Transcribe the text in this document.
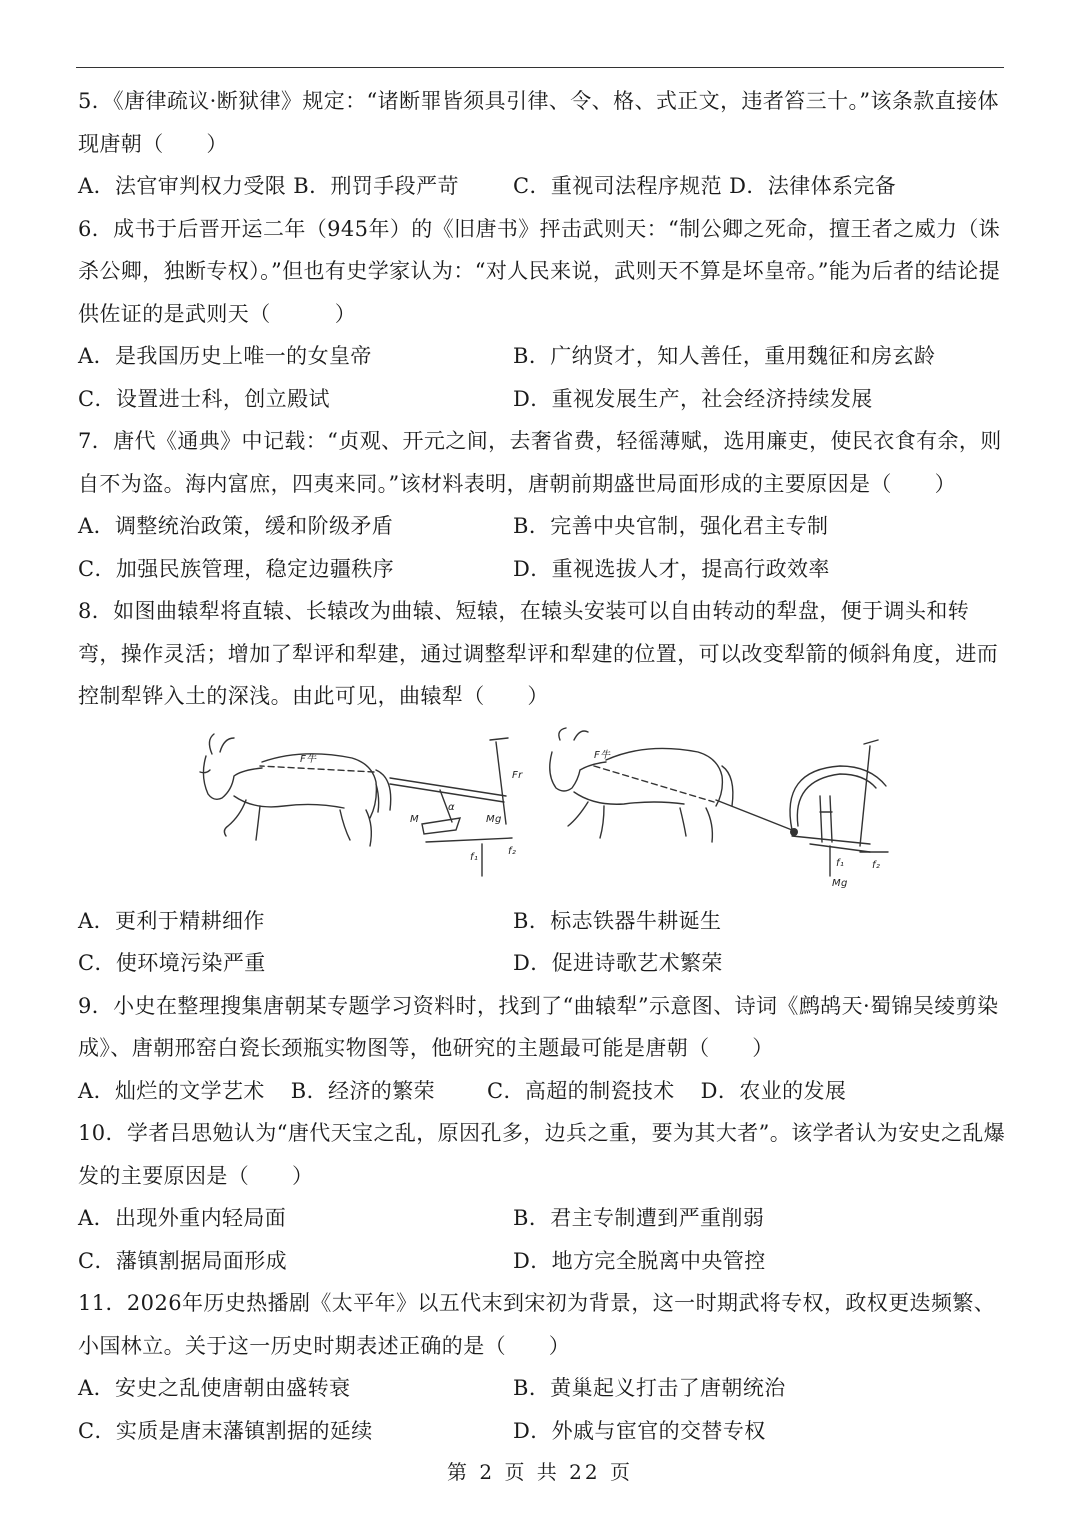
5．《唐律疏议·断狱律》规定：“诸断罪皆须具引律、令、格、式正文，违者笞三十。”该条款直接体现唐朝（　　）
A．法官审判权力受限 B．刑罚手段严苛	C．重视司法程序规范 D．法律体系完备
6．成书于后晋开运二年（945年）的《旧唐书》抨击武则天：“制公卿之死命，擅王者之威力（诛杀公卿，独断专权）。”但也有史学家认为：“对人民来说，武则天不算是坏皇帝。”能为后者的结论提供佐证的是武则天（　　　）
A．是我国历史上唯一的女皇帝	B．广纳贤才，知人善任，重用魏征和房玄龄
C．设置进士科，创立殿试	D．重视发展生产，社会经济持续发展
7．唐代《通典》中记载：“贞观、开元之间，去奢省费，轻徭薄赋，选用廉吏，使民衣食有余，则自不为盗。海内富庶，四夷来同。”该材料表明，唐朝前期盛世局面形成的主要原因是（　　）
A．调整统治政策，缓和阶级矛盾	B．完善中央官制，强化君主专制
C．加强民族管理，稳定边疆秩序	D．重视选拔人才，提高行政效率
8．如图曲辕犁将直辕、长辕改为曲辕、短辕，在辕头安装可以自由转动的犁盘，便于调头和转弯，操作灵活；增加了犁评和犁建，通过调整犁评和犁建的位置，可以改变犁箭的倾斜角度，进而控制犁铧入土的深浅。由此可见，曲辕犁（　　）
F牛
Fr
Mg
f₁
f₂
α
M
F牛
Mg
f₁	f₂
A．更利于精耕细作	B．标志铁器牛耕诞生
C．使环境污染严重	D．促进诗歌艺术繁荣
9．小史在整理搜集唐朝某专题学习资料时，找到了“曲辕犁”示意图、诗词《鹧鸪天·蜀锦吴绫剪染成》、唐朝邢窑白瓷长颈瓶实物图等，他研究的主题最可能是唐朝（　　）
A．灿烂的文学艺术	B．经济的繁荣	C．高超的制瓷技术	D．农业的发展
10．学者吕思勉认为“唐代天宝之乱，原因孔多，边兵之重，要为其大者”。该学者认为安史之乱爆发的主要原因是（　　）
A．出现外重内轻局面	B．君主专制遭到严重削弱
C．藩镇割据局面形成	D．地方完全脱离中央管控
11．2026年历史热播剧《太平年》以五代末到宋初为背景，这一时期武将专权，政权更迭频繁、小国林立。关于这一历史时期表述正确的是（　　）
A．安史之乱使唐朝由盛转衰	B．黄巢起义打击了唐朝统治
C．实质是唐末藩镇割据的延续	D．外戚与宦官的交替专权
第 2 页 共 22 页
